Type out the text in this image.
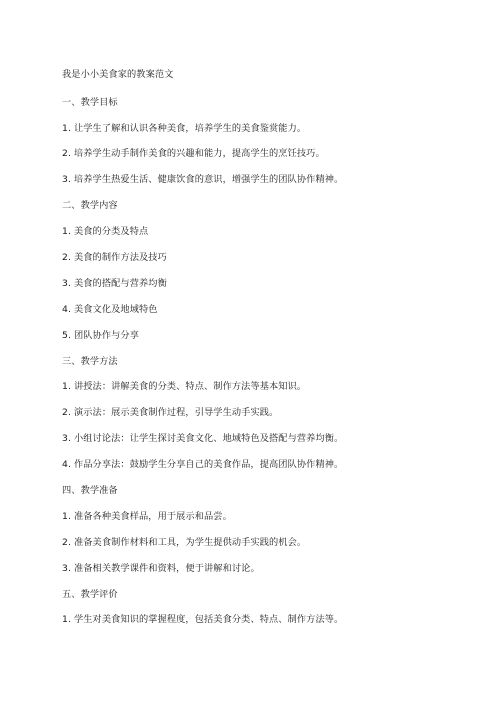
我是小小美食家的教案范文
一、教学目标
1. 让学生了解和认识各种美食，培养学生的美食鉴赏能力。
2. 培养学生动手制作美食的兴趣和能力，提高学生的烹饪技巧。
3. 培养学生热爱生活、健康饮食的意识，增强学生的团队协作精神。
二、教学内容
1. 美食的分类及特点
2. 美食的制作方法及技巧
3. 美食的搭配与营养均衡
4. 美食文化及地域特色
5. 团队协作与分享
三、教学方法
1. 讲授法：讲解美食的分类、特点、制作方法等基本知识。
2. 演示法：展示美食制作过程，引导学生动手实践。
3. 小组讨论法：让学生探讨美食文化、地域特色及搭配与营养均衡。
4. 作品分享法：鼓励学生分享自己的美食作品，提高团队协作精神。
四、教学准备
1. 准备各种美食样品，用于展示和品尝。
2. 准备美食制作材料和工具，为学生提供动手实践的机会。
3. 准备相关教学课件和资料，便于讲解和讨论。
五、教学评价
1. 学生对美食知识的掌握程度，包括美食分类、特点、制作方法等。
